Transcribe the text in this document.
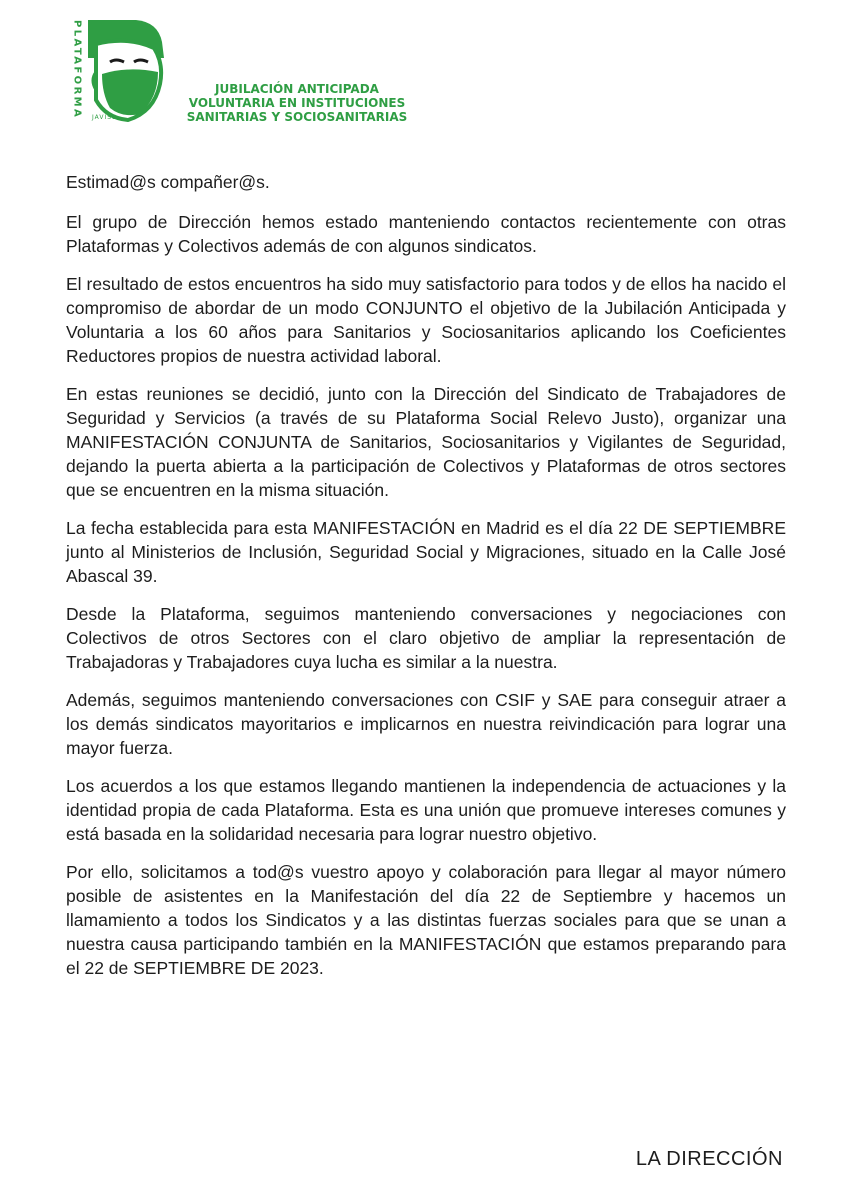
PLATAFORMA JAVISS
JUBILACIÓN ANTICIPADA
VOLUNTARIA EN INSTITUCIONES
SANITARIAS Y SOCIOSANITARIAS

Estimad@s compañer@s.

El grupo de Dirección hemos estado manteniendo contactos recientemente con otras Plataformas y Colectivos además de con algunos sindicatos.

El resultado de estos encuentros ha sido muy satisfactorio para todos y de ellos ha nacido el compromiso de abordar de un modo CONJUNTO el objetivo de la Jubilación Anticipada y Voluntaria a los 60 años para Sanitarios y Sociosanitarios aplicando los Coeficientes Reductores propios de nuestra actividad laboral.

En estas reuniones se decidió, junto con la Dirección del Sindicato de Trabajadores de Seguridad y Servicios (a través de su Plataforma Social Relevo Justo), organizar una MANIFESTACIÓN CONJUNTA de Sanitarios, Sociosanitarios y Vigilantes de Seguridad, dejando la puerta abierta a la participación de Colectivos y Plataformas de otros sectores que se encuentren en la misma situación.

La fecha establecida para esta MANIFESTACIÓN en Madrid es el día 22 DE SEPTIEMBRE junto al Ministerios de Inclusión, Seguridad Social y Migraciones, situado en la Calle José Abascal 39.

Desde la Plataforma, seguimos manteniendo conversaciones y negociaciones con Colectivos de otros Sectores con el claro objetivo de ampliar la representación de Trabajadoras y Trabajadores cuya lucha es similar a la nuestra.

Además, seguimos manteniendo conversaciones con CSIF y SAE para conseguir atraer a los demás sindicatos mayoritarios e implicarnos en nuestra reivindicación para lograr una mayor fuerza.

Los acuerdos a los que estamos llegando mantienen la independencia de actuaciones y la identidad propia de cada Plataforma. Esta es una unión que promueve intereses comunes y está basada en la solidaridad necesaria para lograr nuestro objetivo.

Por ello, solicitamos a tod@s vuestro apoyo y colaboración para llegar al mayor número posible de asistentes en la Manifestación del día 22 de Septiembre y hacemos un llamamiento a todos los Sindicatos y a las distintas fuerzas sociales para que se unan a nuestra causa participando también en la MANIFESTACIÓN que estamos preparando para el 22 de SEPTIEMBRE DE 2023.

LA DIRECCIÓN
